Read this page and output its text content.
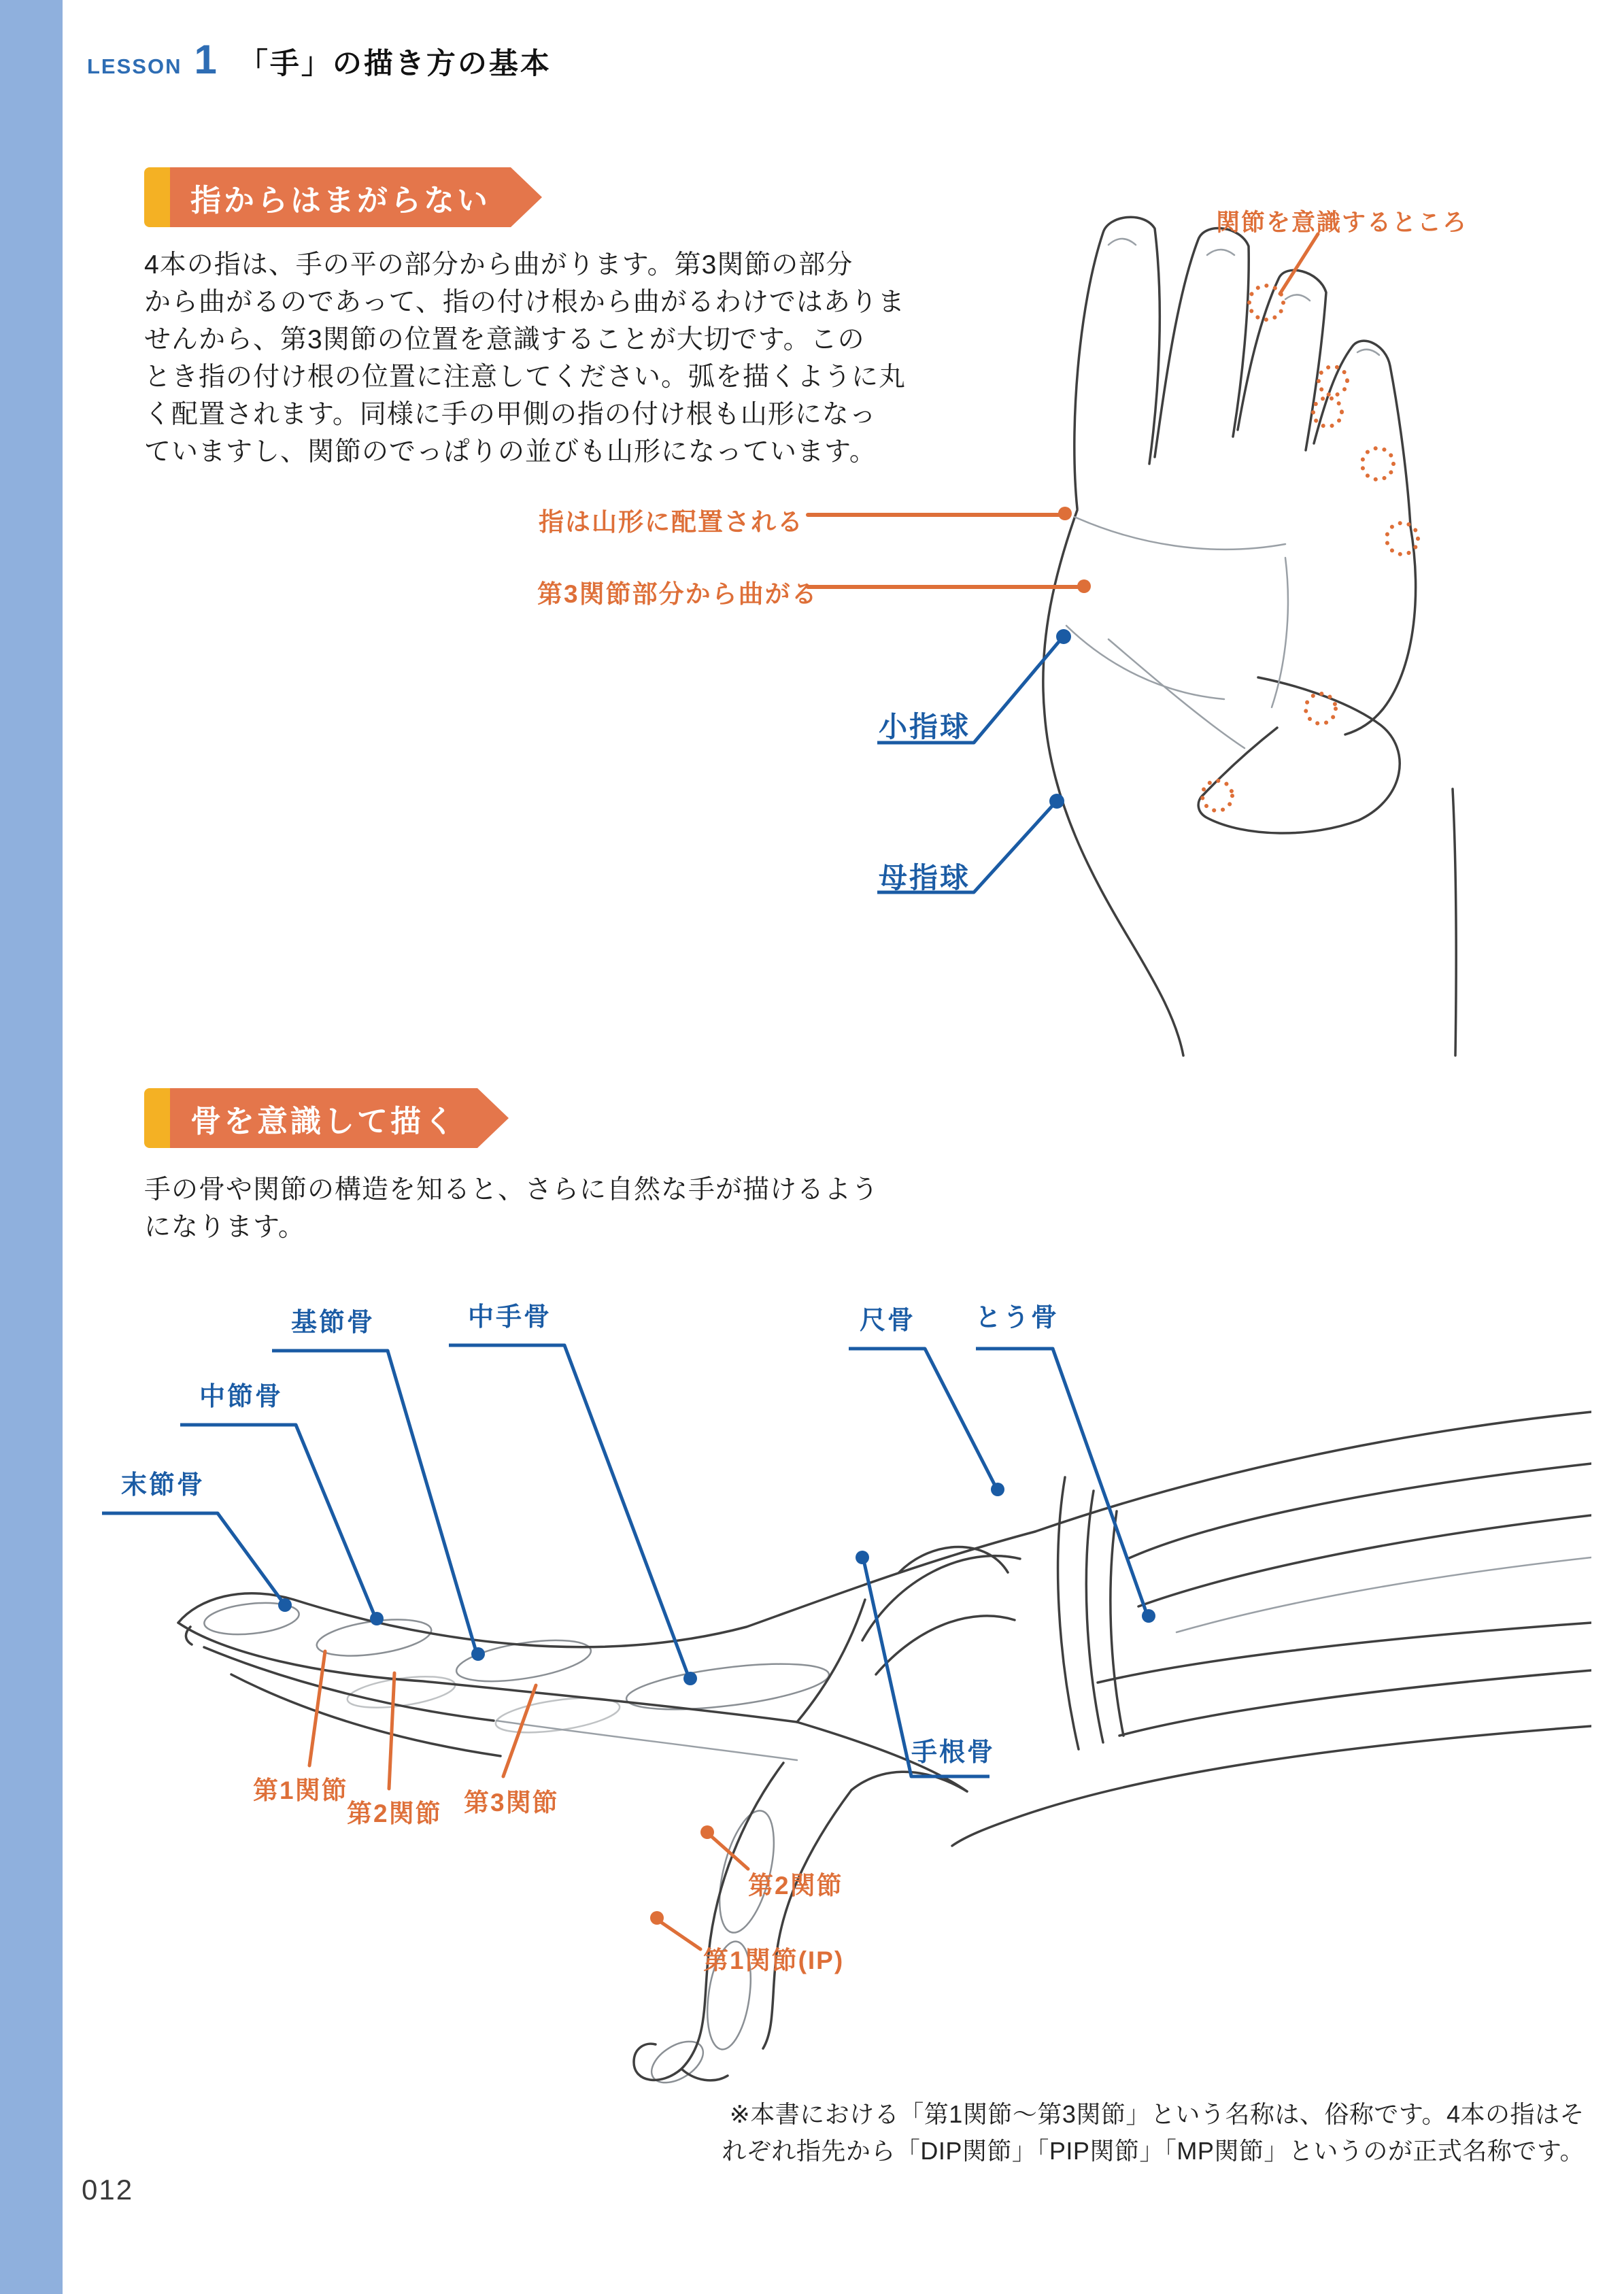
LESSON 1 「手」の描き方の基本
指からはまがらない
4本の指は、手の平の部分から曲がります。第3関節の部分
から曲がるのであって、指の付け根から曲がるわけではありま
せんから、第3関節の位置を意識することが大切です。この
とき指の付け根の位置に注意してください。弧を描くように丸
く配置されます。同様に手の甲側の指の付け根も山形になっ
ていますし、関節のでっぱりの並びも山形になっています。
関節を意識するところ
指は山形に配置される
第3関節部分から曲がる
小指球
母指球
骨を意識して描く
手の骨や関節の構造を知ると、さらに自然な手が描けるよう
になります。
末節骨
中節骨
基節骨	中手骨	尺骨 とう骨
手根骨
第1関節
第2関節 第3関節
第2関節
第1関節(IP)
※本書における「第1関節〜第3関節」という名称は、俗称です。4本の指はそ
れぞれ指先から「DIP関節」「PIP関節」「MP関節」というのが正式名称です。
012
